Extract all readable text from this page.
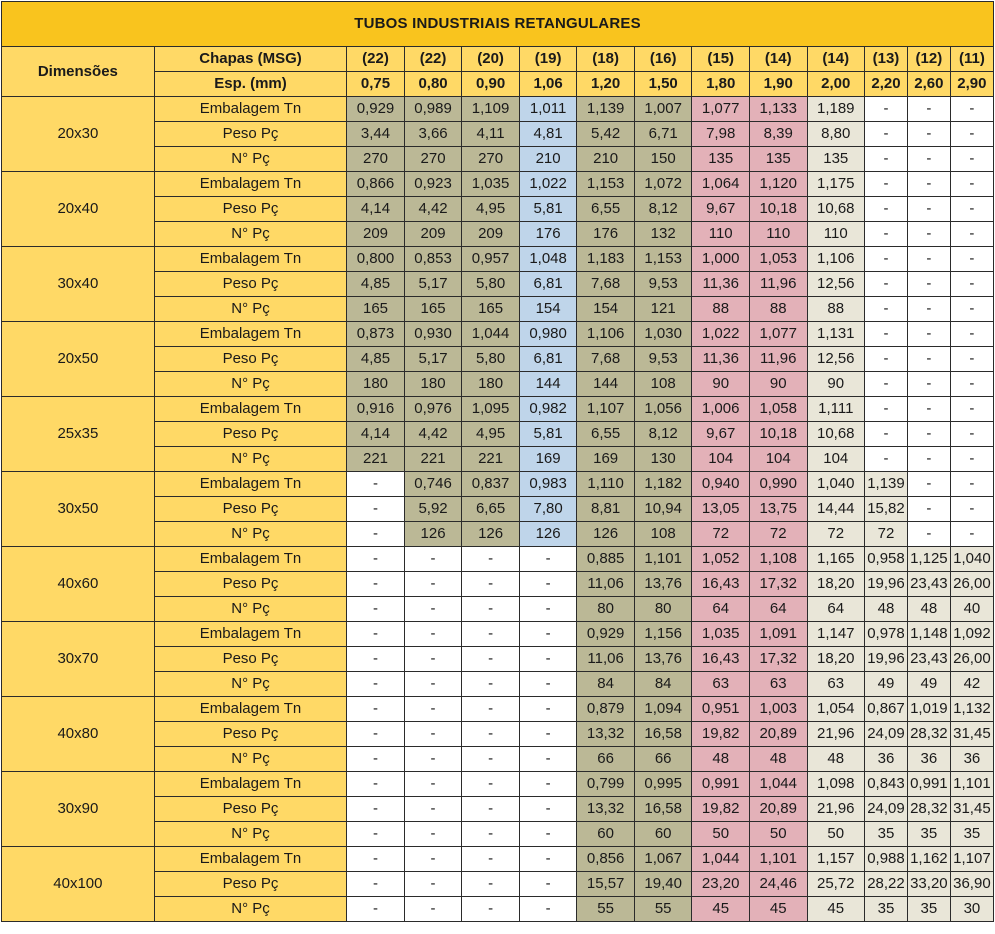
TUBOS INDUSTRIAIS RETANGULARES													
Dimensões	Chapas (MSG)	(22)	(22)	(20)	(19)	(18)	(16)	(15)	(14)	(14)	(13)	(12)	(11)
	Esp. (mm)	0,75	0,80	0,90	1,06	1,20	1,50	1,80	1,90	2,00	2,20	2,60	2,90
20x30	Embalagem Tn	0,929	0,989	1,109	1,011	1,139	1,007	1,077	1,133	1,189	-	-	-
	Peso Pç	3,44	3,66	4,11	4,81	5,42	6,71	7,98	8,39	8,80	-	-	-
	N° Pç	270	270	270	210	210	150	135	135	135	-	-	-
20x40	Embalagem Tn	0,866	0,923	1,035	1,022	1,153	1,072	1,064	1,120	1,175	-	-	-
	Peso Pç	4,14	4,42	4,95	5,81	6,55	8,12	9,67	10,18	10,68	-	-	-
	N° Pç	209	209	209	176	176	132	110	110	110	-	-	-
30x40	Embalagem Tn	0,800	0,853	0,957	1,048	1,183	1,153	1,000	1,053	1,106	-	-	-
	Peso Pç	4,85	5,17	5,80	6,81	7,68	9,53	11,36	11,96	12,56	-	-	-
	N° Pç	165	165	165	154	154	121	88	88	88	-	-	-
20x50	Embalagem Tn	0,873	0,930	1,044	0,980	1,106	1,030	1,022	1,077	1,131	-	-	-
	Peso Pç	4,85	5,17	5,80	6,81	7,68	9,53	11,36	11,96	12,56	-	-	-
	N° Pç	180	180	180	144	144	108	90	90	90	-	-	-
25x35	Embalagem Tn	0,916	0,976	1,095	0,982	1,107	1,056	1,006	1,058	1,111	-	-	-
	Peso Pç	4,14	4,42	4,95	5,81	6,55	8,12	9,67	10,18	10,68	-	-	-
	N° Pç	221	221	221	169	169	130	104	104	104	-	-	-
30x50	Embalagem Tn	-	0,746	0,837	0,983	1,110	1,182	0,940	0,990	1,040	1,139	-	-
	Peso Pç	-	5,92	6,65	7,80	8,81	10,94	13,05	13,75	14,44	15,82	-	-
	N° Pç	-	126	126	126	126	108	72	72	72	72	-	-
40x60	Embalagem Tn	-	-	-	-	0,885	1,101	1,052	1,108	1,165	0,958	1,125	1,040
	Peso Pç	-	-	-	-	11,06	13,76	16,43	17,32	18,20	19,96	23,43	26,00
	N° Pç	-	-	-	-	80	80	64	64	64	48	48	40
30x70	Embalagem Tn	-	-	-	-	0,929	1,156	1,035	1,091	1,147	0,978	1,148	1,092
	Peso Pç	-	-	-	-	11,06	13,76	16,43	17,32	18,20	19,96	23,43	26,00
	N° Pç	-	-	-	-	84	84	63	63	63	49	49	42
40x80	Embalagem Tn	-	-	-	-	0,879	1,094	0,951	1,003	1,054	0,867	1,019	1,132
	Peso Pç	-	-	-	-	13,32	16,58	19,82	20,89	21,96	24,09	28,32	31,45
	N° Pç	-	-	-	-	66	66	48	48	48	36	36	36
30x90	Embalagem Tn	-	-	-	-	0,799	0,995	0,991	1,044	1,098	0,843	0,991	1,101
	Peso Pç	-	-	-	-	13,32	16,58	19,82	20,89	21,96	24,09	28,32	31,45
	N° Pç	-	-	-	-	60	60	50	50	50	35	35	35
40x100	Embalagem Tn	-	-	-	-	0,856	1,067	1,044	1,101	1,157	0,988	1,162	1,107
	Peso Pç	-	-	-	-	15,57	19,40	23,20	24,46	25,72	28,22	33,20	36,90
	N° Pç	-	-	-	-	55	55	45	45	45	35	35	30
